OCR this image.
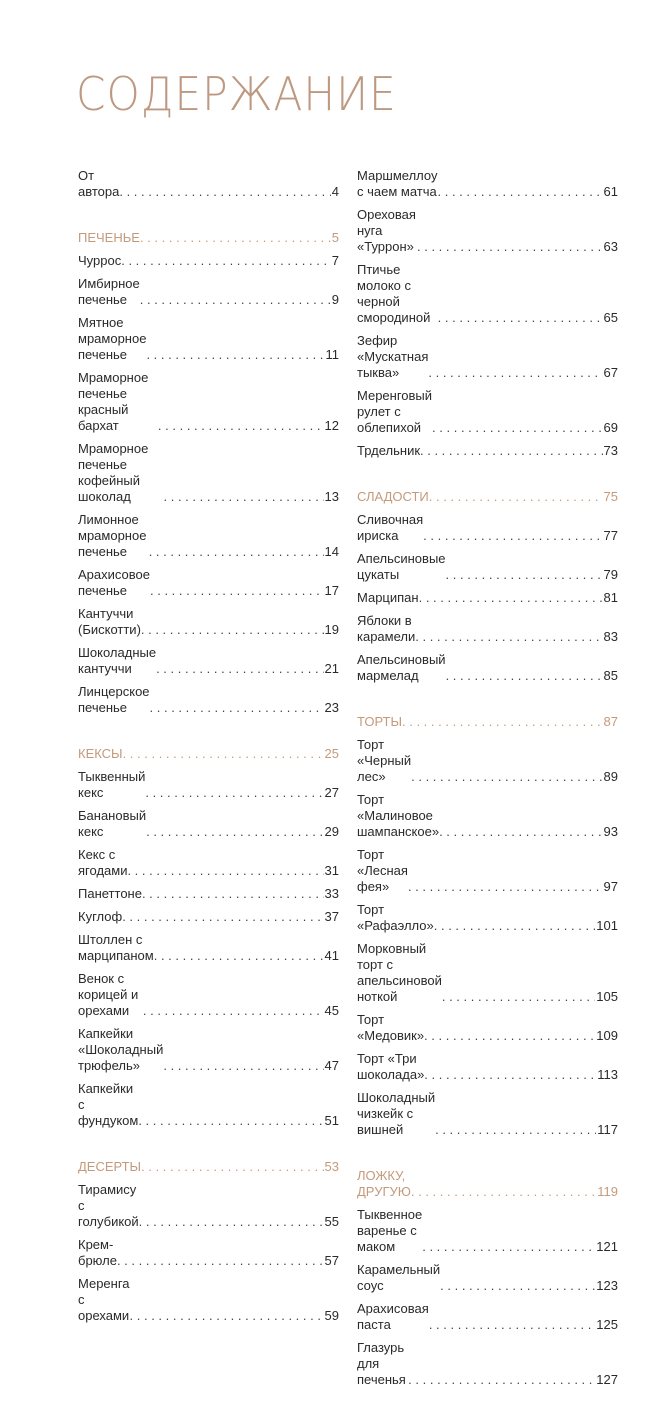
СОДЕРЖАНИЕ
От автора . . .	4
ПЕЧЕНЬЕ . . .	5
Чуррос . . .	7
Имбирное печенье . . .	9
Мятное мраморное печенье . . .	11
Мраморное печенье красный бархат . . .	12
Мраморное печенье кофейный шоколад . . .	13
Лимонное мраморное печенье . . .	14
Арахисовое печенье . . .	17
Кантуччи (Бискотти) . . .	19
Шоколадные кантуччи . . .	21
Линцерское печенье . . .	23
КЕКСЫ . . .	25
Тыквенный кекс . . .	27
Банановый кекс . . .	29
Кекс с ягодами . . .	31
Панеттоне . . .	33
Куглоф . . .	37
Штоллен с марципаном . . .	41
Венок с корицей и орехами . . .	45
Капкейки «Шоколадный трюфель» . . .	47
Капкейки с фундуком . . .	51
ДЕСЕРТЫ . . .	53
Тирамису с голубикой . . .	55
Крем-брюле . . .	57
Меренга с орехами . . .	59
Маршмеллоу с чаем матча . . .	61
Ореховая нуга «Туррон» . . .	63
Птичье молоко с черной смородиной . . .	65
Зефир «Мускатная тыква» . . .	67
Меренговый рулет с облепихой . . .	69
Трдельник . . .	73
СЛАДОСТИ . . .	75
Сливочная ириска . . .	77
Апельсиновые цукаты . . .	79
Марципан . . .	81
Яблоки в карамели . . .	83
Апельсиновый мармелад . . .	85
ТОРТЫ . . .	87
Торт «Черный лес» . . .	89
Торт «Малиновое шампанское» . . .	93
Торт «Лесная фея» . . .	97
Торт «Рафаэлло» . . .	101
Морковный торт с апельсиновой ноткой . . .	105
Торт «Медовик» . . .	109
Торт «Три шоколада» . . .	113
Шоколадный чизкейк с вишней . . .	117
ЛОЖКУ, ДРУГУЮ . . .	119
Тыквенное варенье с маком . . .	121
Карамельный соус . . .	123
Арахисовая паста . . .	125
Глазурь для печенья . . .	127
